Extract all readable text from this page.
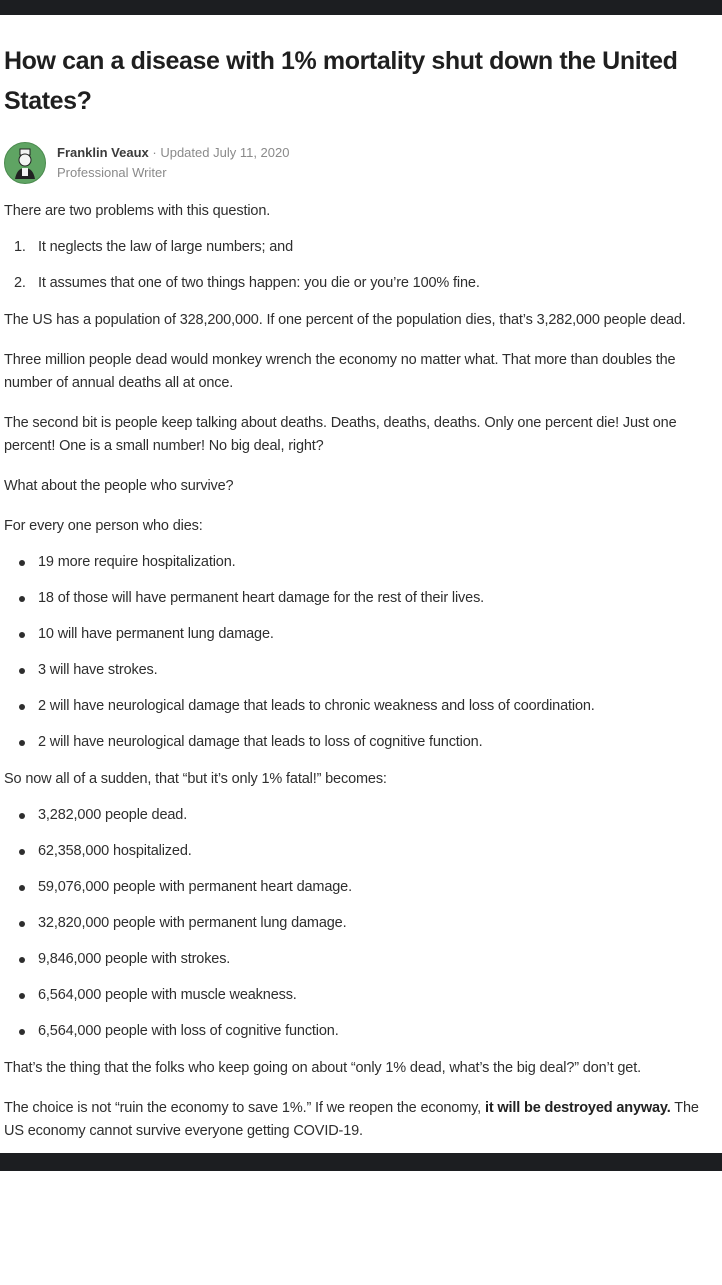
How can a disease with 1% mortality shut down the United States?
Franklin Veaux · Updated July 11, 2020
Professional Writer

There are two problems with this question.

1. It neglects the law of large numbers; and
2. It assumes that one of two things happen: you die or you’re 100% fine.

The US has a population of 328,200,000. If one percent of the population dies, that’s 3,282,000 people dead.

Three million people dead would monkey wrench the economy no matter what. That more than doubles the number of annual deaths all at once.

The second bit is people keep talking about deaths. Deaths, deaths, deaths. Only one percent die! Just one percent! One is a small number! No big deal, right?

What about the people who survive?

For every one person who dies:

19 more require hospitalization.
18 of those will have permanent heart damage for the rest of their lives.
10 will have permanent lung damage.
3 will have strokes.
2 will have neurological damage that leads to chronic weakness and loss of coordination.
2 will have neurological damage that leads to loss of cognitive function.

So now all of a sudden, that “but it’s only 1% fatal!” becomes:

3,282,000 people dead.
62,358,000 hospitalized.
59,076,000 people with permanent heart damage.
32,820,000 people with permanent lung damage.
9,846,000 people with strokes.
6,564,000 people with muscle weakness.
6,564,000 people with loss of cognitive function.

That’s the thing that the folks who keep going on about “only 1% dead, what’s the big deal?” don’t get.

The choice is not “ruin the economy to save 1%.” If we reopen the economy, it will be destroyed anyway. The US economy cannot survive everyone getting COVID-19.
